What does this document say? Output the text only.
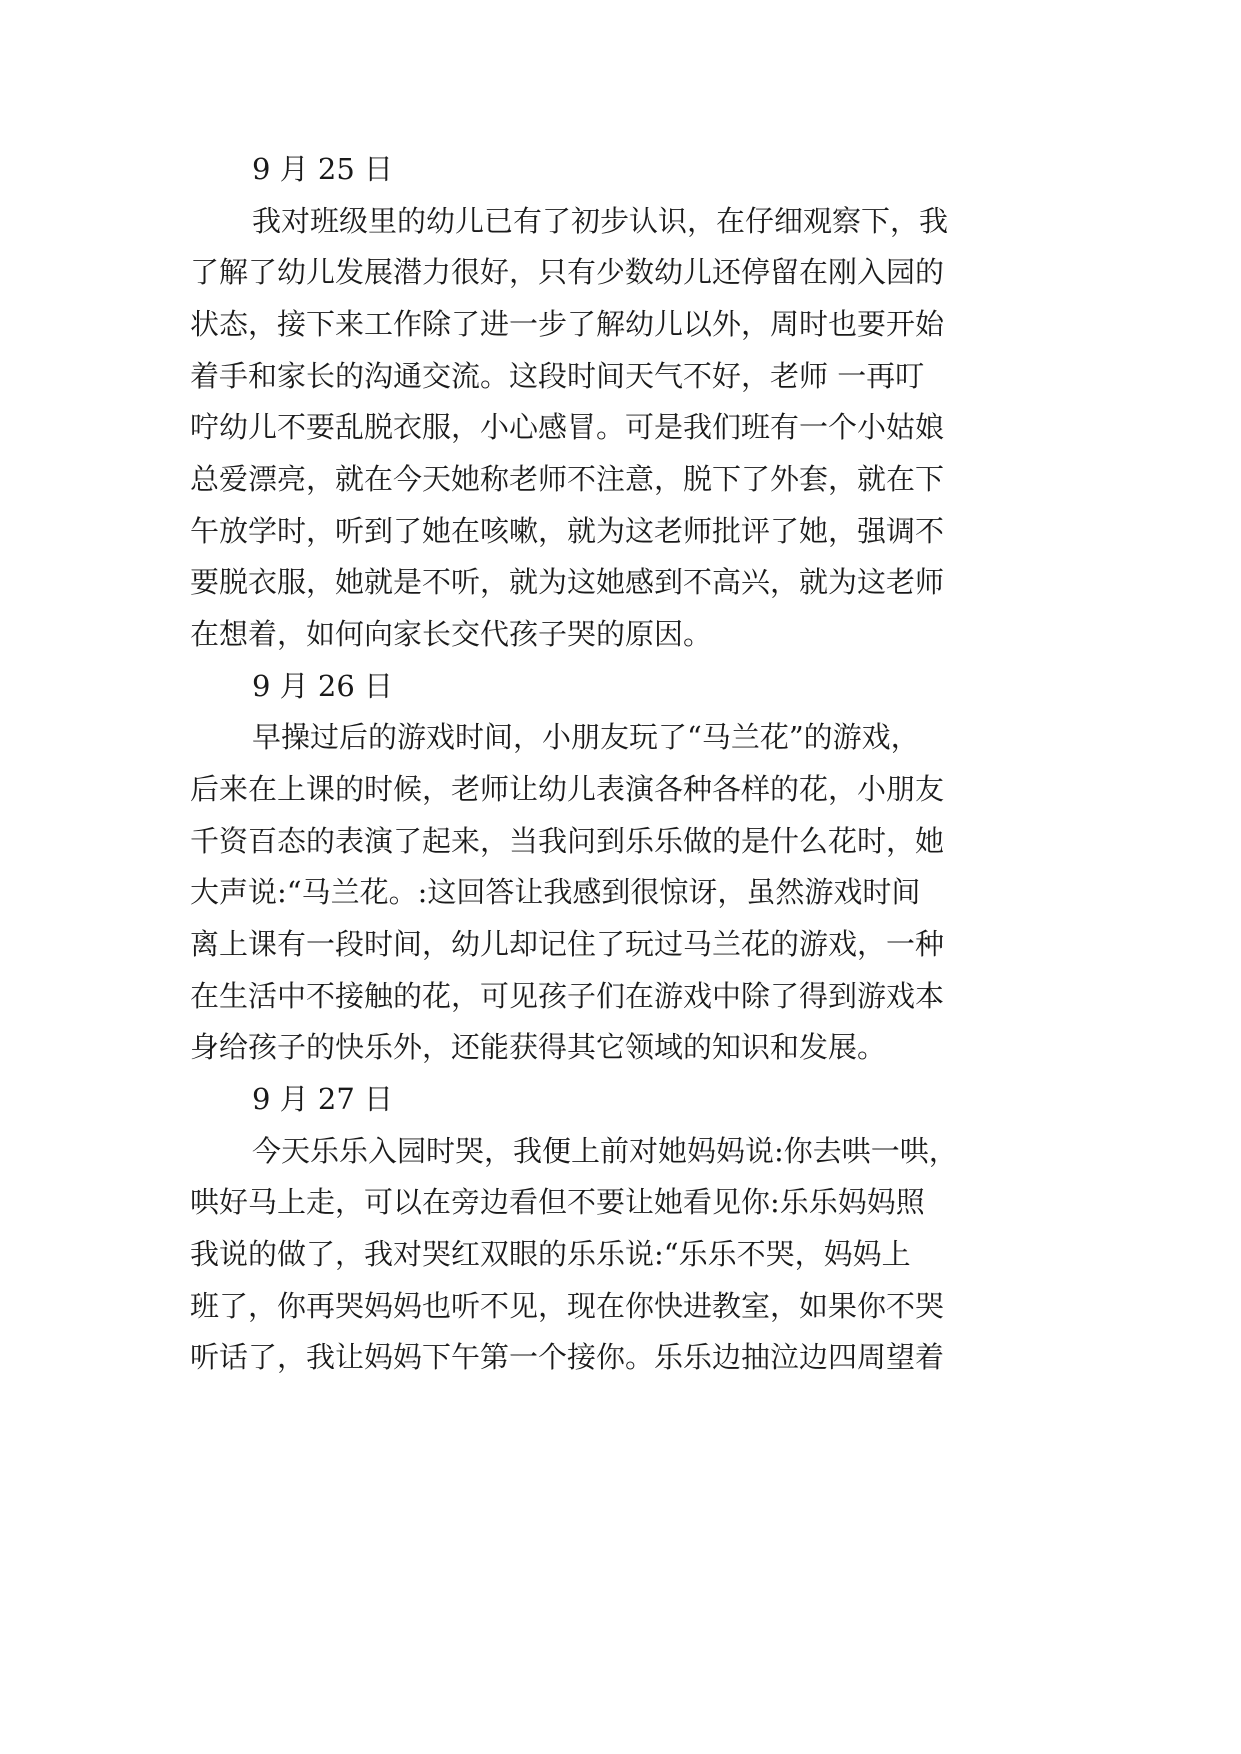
9 月 25 日
我对班级里的幼儿已有了初步认识，在仔细观察下，我
了解了幼儿发展潜力很好，只有少数幼儿还停留在刚入园的
状态，接下来工作除了进一步了解幼儿以外，周时也要开始
着手和家长的沟通交流。这段时间天气不好，老师 一再叮
咛幼儿不要乱脱衣服，小心感冒。可是我们班有一个小姑娘
总爱漂亮，就在今天她称老师不注意，脱下了外套，就在下
午放学时，听到了她在咳嗽，就为这老师批评了她，强调不
要脱衣服，她就是不听，就为这她感到不高兴，就为这老师
在想着，如何向家长交代孩子哭的原因。
9 月 26 日
早操过后的游戏时间，小朋友玩了“马兰花”的游戏，
后来在上课的时候，老师让幼儿表演各种各样的花，小朋友
千资百态的表演了起来，当我问到乐乐做的是什么花时，她
大声说:“马兰花。:这回答让我感到很惊讶，虽然游戏时间
离上课有一段时间，幼儿却记住了玩过马兰花的游戏，一种
在生活中不接触的花，可见孩子们在游戏中除了得到游戏本
身给孩子的快乐外，还能获得其它领域的知识和发展。
9 月 27 日
今天乐乐入园时哭，我便上前对她妈妈说:你去哄一哄，
哄好马上走，可以在旁边看但不要让她看见你:乐乐妈妈照
我说的做了，我对哭红双眼的乐乐说:“乐乐不哭，妈妈上
班了，你再哭妈妈也听不见，现在你快进教室，如果你不哭
听话了，我让妈妈下午第一个接你。乐乐边抽泣边四周望着
